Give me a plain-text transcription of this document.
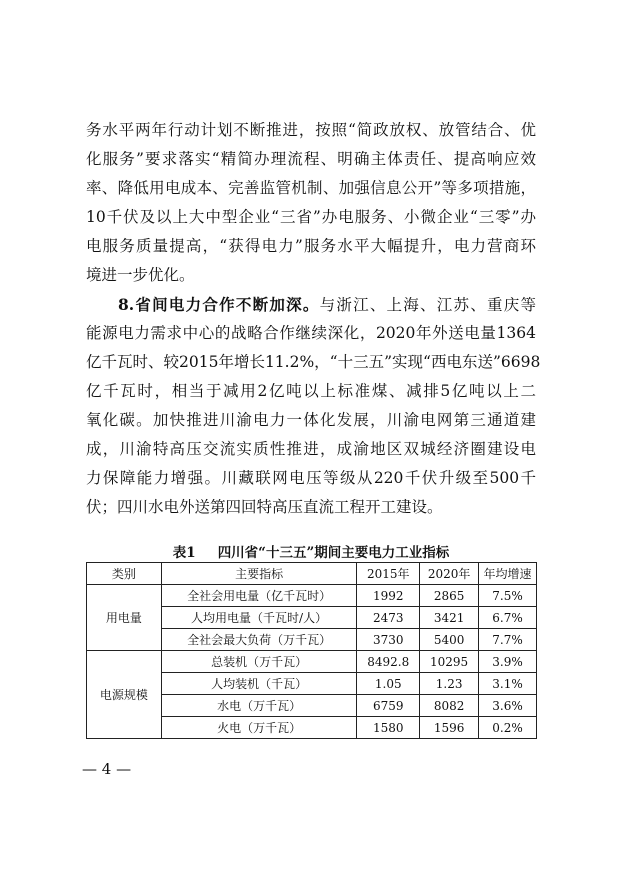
务水平两年行动计划不断推进，按照“简政放权、放管结合、优
化服务”要求落实“精简办理流程、明确主体责任、提高响应效
率、降低用电成本、完善监管机制、加强信息公开”等多项措施，
10千伏及以上大中型企业“三省”办电服务、小微企业“三零”办
电服务质量提高，“获得电力”服务水平大幅提升，电力营商环
境进一步优化。
8.省间电力合作不断加深。与浙江、上海、江苏、重庆等
能源电力需求中心的战略合作继续深化，2020年外送电量1364
亿千瓦时、较2015年增长11.2%，“十三五”实现“西电东送”6698
亿千瓦时，相当于减用2亿吨以上标准煤、减排5亿吨以上二
氧化碳。加快推进川渝电力一体化发展，川渝电网第三通道建
成，川渝特高压交流实质性推进，成渝地区双城经济圈建设电
力保障能力增强。川藏联网电压等级从220千伏升级至500千
伏；四川水电外送第四回特高压直流工程开工建设。
表1 四川省“十三五”期间主要电力工业指标
类别	主要指标	2015年	2020年	年均增速
用电量	全社会用电量（亿千瓦时）	1992	2865	7.5%
	人均用电量（千瓦时/人）	2473	3421	6.7%
	全社会最大负荷（万千瓦）	3730	5400	7.7%
电源规模	总装机（万千瓦）	8492.8	10295	3.9%
	人均装机（千瓦）	1.05	1.23	3.1%
	水电（万千瓦）	6759	8082	3.6%
	火电（万千瓦）	1580	1596	0.2%
— 4 —
